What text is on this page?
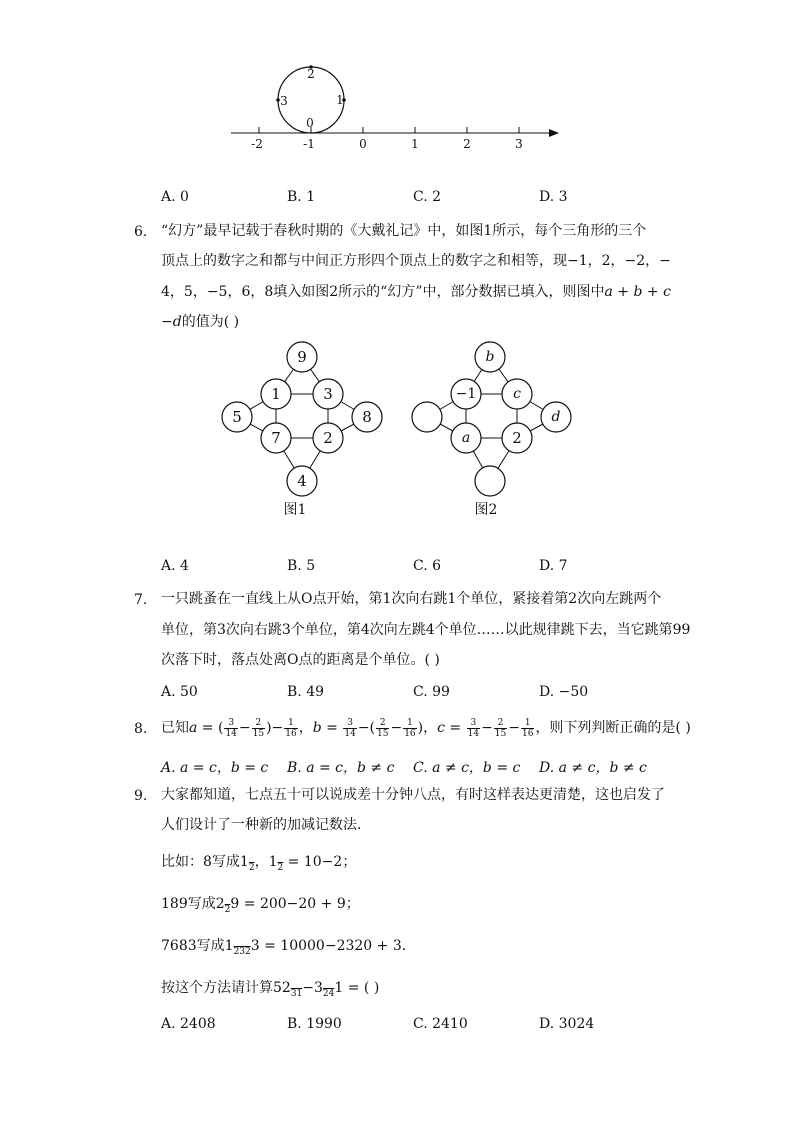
-2	-1	0	1	2	3
0
1
2
3
A. 0	B. 1	C. 2	D. 3
6. “幻方”最早记载于春秋时期的《大戴礼记》中，如图1所示，每个三角形的三个
顶点上的数字之和都与中间正方形四个顶点上的数字之和相等，现−1，2，−2，−
4，5，−5，6，8填入如图2所示的“幻方”中，部分数据已填入，则图中a + b + c
−d的值为( )
9
1	3
5	8
7	2
4
图1
b
−1	c
d
a	2
图2
A. 4	B. 5	C. 6	D. 7
7. 一只跳蚤在一直线上从O点开始，第1次向右跳1个单位，紧接着第2次向左跳两个
单位，第3次向右跳3个单位，第4次向左跳4个单位……以此规律跳下去，当它跳第99
次落下时，落点处离O点的距离是个单位。( )
A. 50	B. 49	C. 99	D. −50
8. 已知a = ( $\frac{3}{14} - \frac{2}{15}$ )− $\frac{1}{16}$ ，$b = \frac{3}{14}$ −( $\frac{2}{15} - \frac{1}{16}$ )，$c = \frac{3}{14} - \frac{2}{15} - \frac{1}{16}$ ，则下列判断正确的是( )
A. a = c，b = c B. a = c，b ≠ c C. a ≠ c，b = c D. a ≠ c，b ≠ c
9. 大家都知道，七点五十可以说成差十分钟八点，有时这样表达更清楚，这也启发了
人们设计了一种新的加减记数法．
比如：8写成$1_2$，$1_2 = 10-2$；
189写成$2_29 = 200-20 + 9$；
7683写成$1_{232}3 = 10000-2320 + 3$．
按这个方法请计算$52_{31}-3_{24}1$ = ( )
A. 2408	B. 1990	C. 2410	D. 3024
